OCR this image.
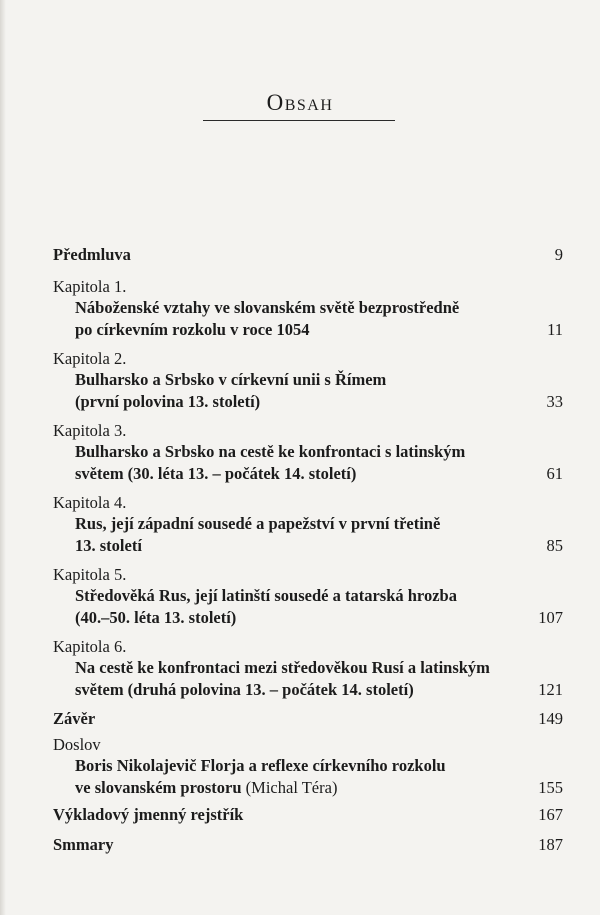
Obsah
Předmluva	9
Kapitola 1.
Náboženské vztahy ve slovanském světě bezprostředně
po církevním rozkolu v roce 1054	11
Kapitola 2.
Bulharsko a Srbsko v církevní unii s Římem
(první polovina 13. století)	33
Kapitola 3.
Bulharsko a Srbsko na cestě ke konfrontaci s latinským
světem (30. léta 13. – počátek 14. století)	61
Kapitola 4.
Rus, její západní sousedé a papežství v první třetině
13. století	85
Kapitola 5.
Středověká Rus, její latinští sousedé a tatarská hrozba
(40.–50. léta 13. století)	107
Kapitola 6.
Na cestě ke konfrontaci mezi středověkou Rusí a latinským
světem (druhá polovina 13. – počátek 14. století)	121
Závěr	149
Doslov
Boris Nikolajevič Florja a reflexe církevního rozkolu
ve slovanském prostoru (Michal Téra)	155
Výkladový jmenný rejstřík	167
Smmary	187
